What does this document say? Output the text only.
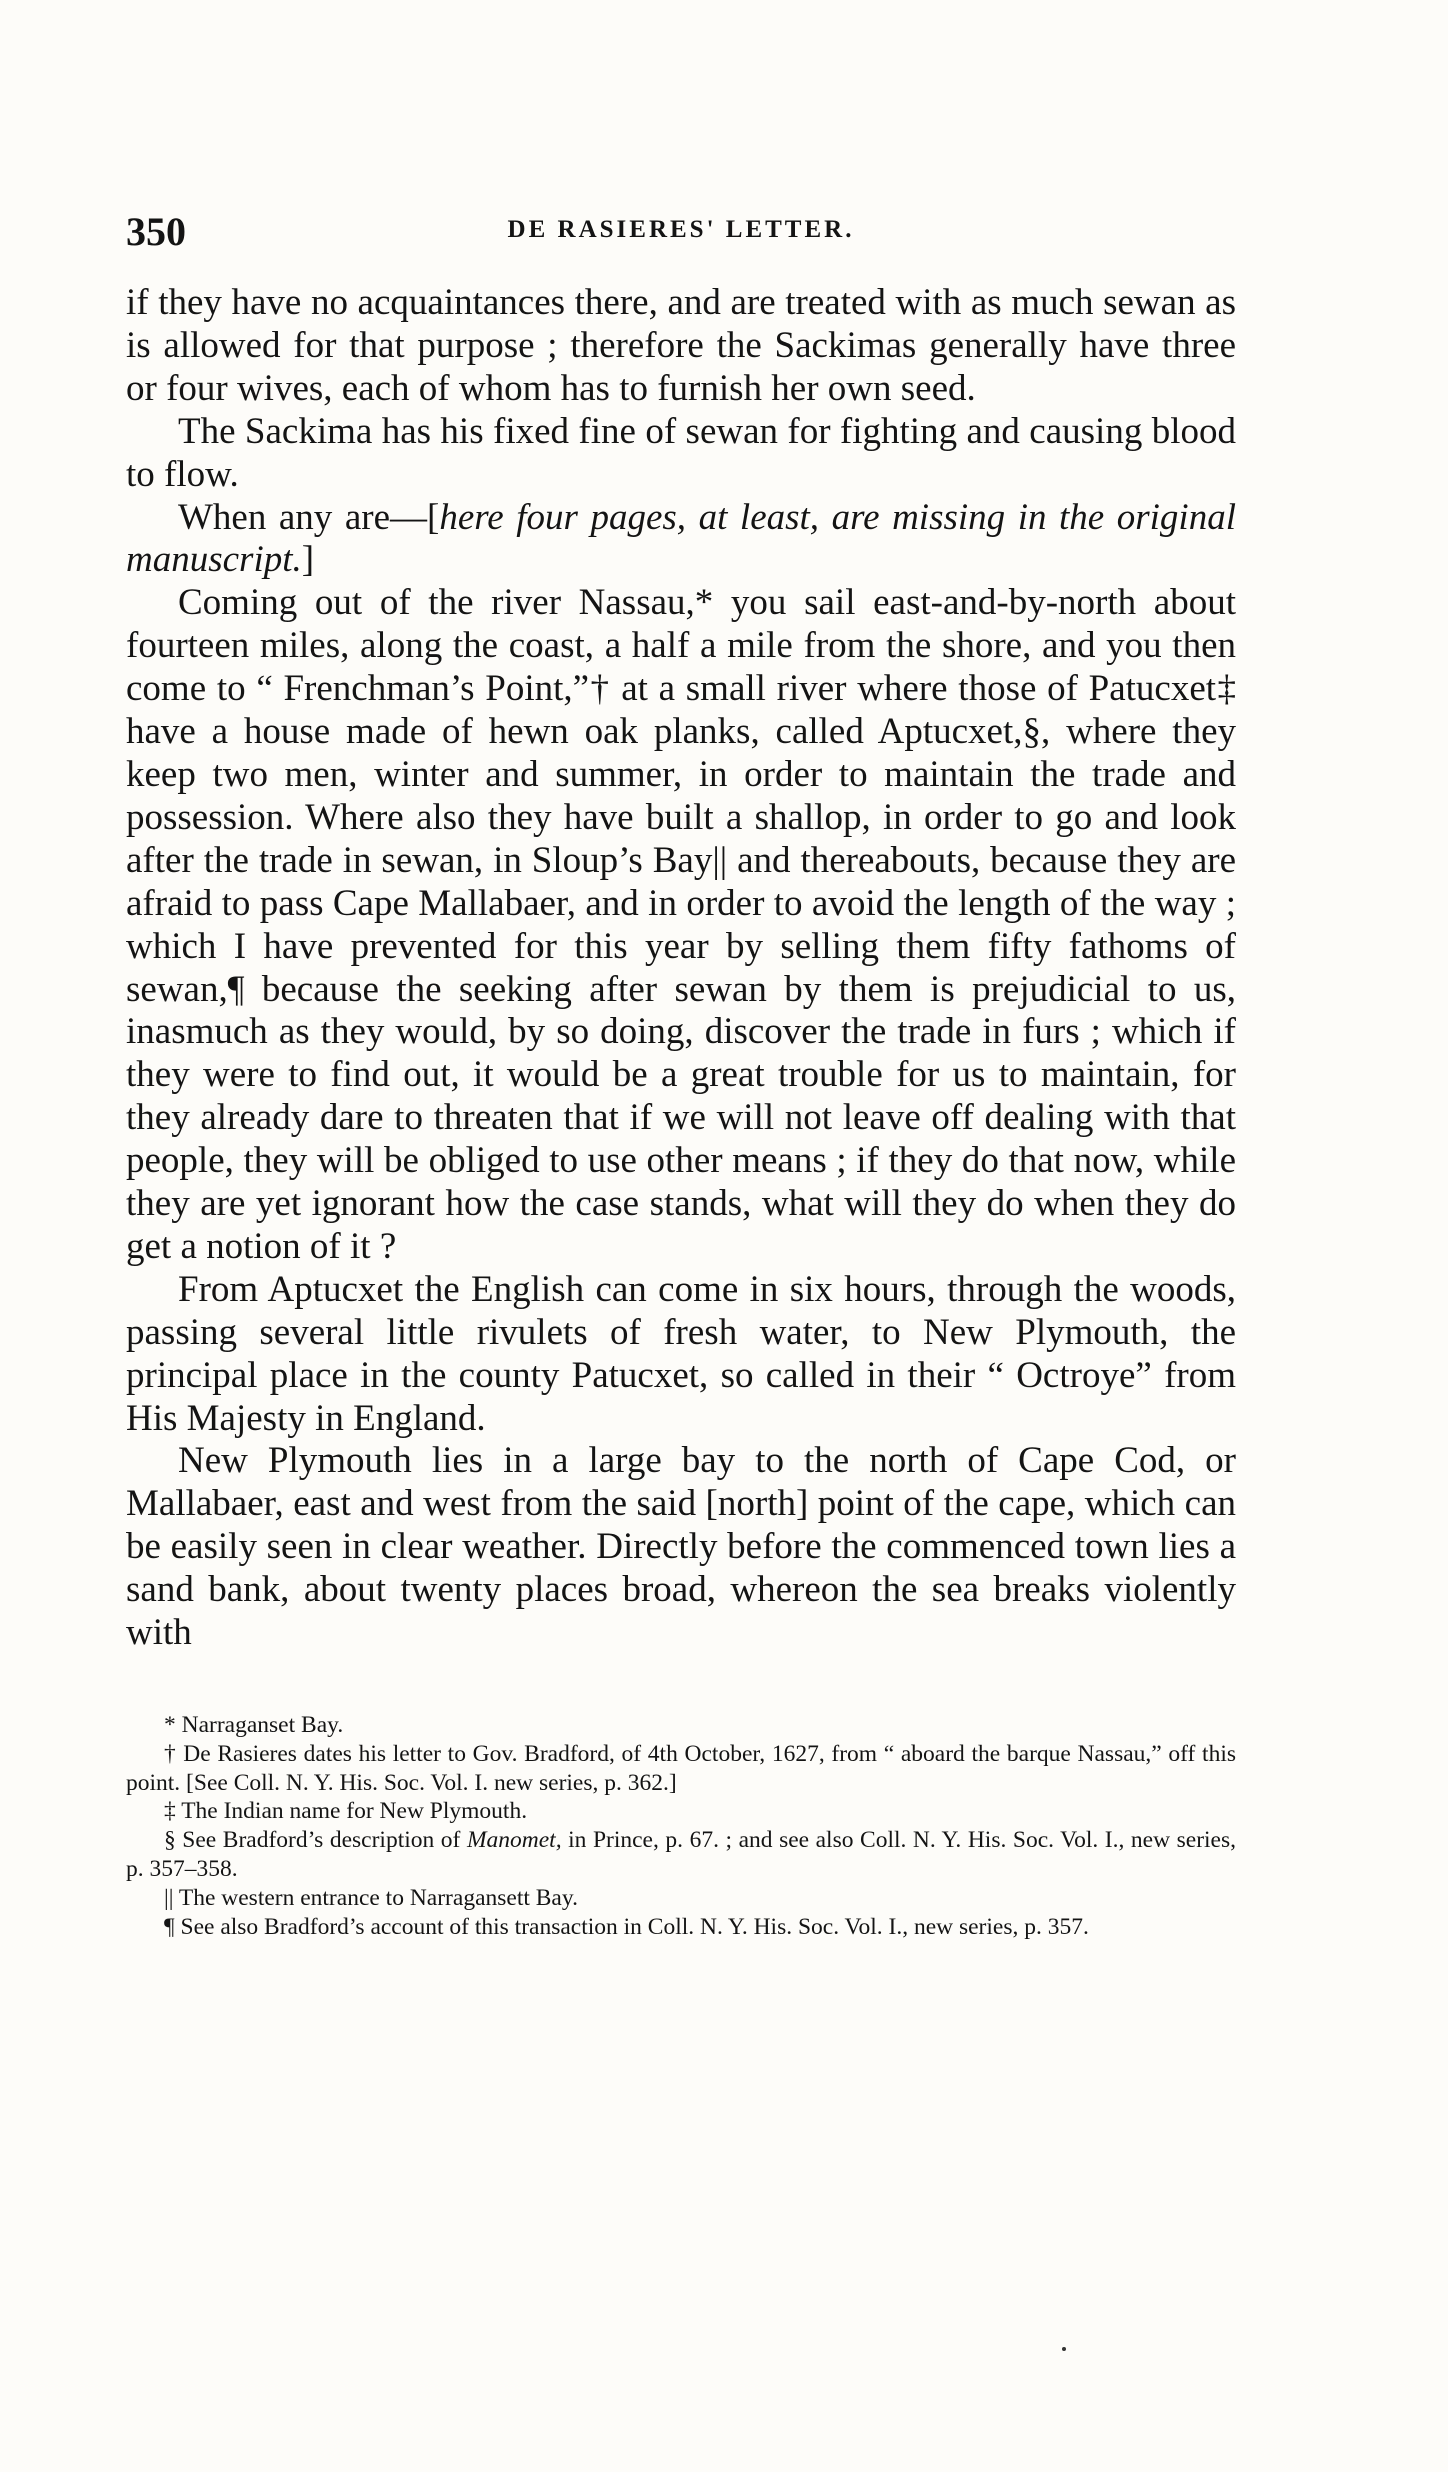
350	DE RASIERES' LETTER.

if they have no acquaintances there, and are treated with as much sewan as is allowed for that purpose ; therefore the Sackimas generally have three or four wives, each of whom has to furnish her own seed.

The Sackima has his fixed fine of sewan for fighting and causing blood to flow.

When any are—[here four pages, at least, are missing in the original manuscript.]

Coming out of the river Nassau,* you sail east-and-by-north about fourteen miles, along the coast, a half a mile from the shore, and you then come to “ Frenchman’s Point,”† at a small river where those of Patucxet‡ have a house made of hewn oak planks, called Aptucxet,§, where they keep two men, winter and summer, in order to maintain the trade and possession. Where also they have built a shallop, in order to go and look after the trade in sewan, in Sloup’s Bay|| and thereabouts, because they are afraid to pass Cape Mallabaer, and in order to avoid the length of the way ; which I have prevented for this year by selling them fifty fathoms of sewan,¶ because the seeking after sewan by them is prejudicial to us, inasmuch as they would, by so doing, discover the trade in furs ; which if they were to find out, it would be a great trouble for us to maintain, for they already dare to threaten that if we will not leave off dealing with that people, they will be obliged to use other means ; if they do that now, while they are yet ignorant how the case stands, what will they do when they do get a notion of it ?

From Aptucxet the English can come in six hours, through the woods, passing several little rivulets of fresh water, to New Plymouth, the principal place in the county Patucxet, so called in their “ Octroye” from His Majesty in England.

New Plymouth lies in a large bay to the north of Cape Cod, or Mallabaer, east and west from the said [north] point of the cape, which can be easily seen in clear weather. Directly before the commenced town lies a sand bank, about twenty places broad, whereon the sea breaks violently with

* Narraganset Bay.

† De Rasieres dates his letter to Gov. Bradford, of 4th October, 1627, from “ aboard the barque Nassau,” off this point. [See Coll. N. Y. His. Soc. Vol. I. new series, p. 362.]

‡ The Indian name for New Plymouth.

§ See Bradford’s description of Manomet, in Prince, p. 67. ; and see also Coll. N. Y. His. Soc. Vol. I., new series, p. 357–358.

|| The western entrance to Narragansett Bay.

¶ See also Bradford’s account of this transaction in Coll. N. Y. His. Soc. Vol. I., new series, p. 357.
